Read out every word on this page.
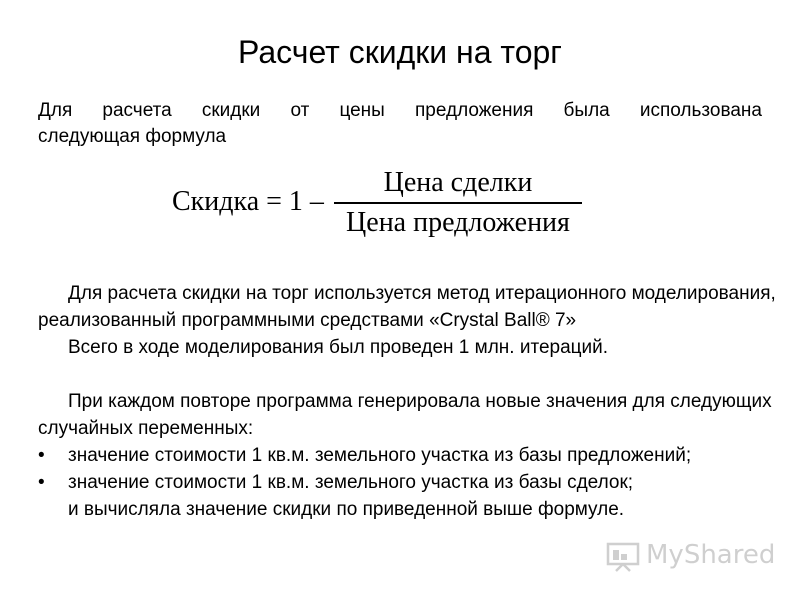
Расчет скидки на торг
Для расчета скидки от цены предложения была использована
следующая формула
Скидка = 1 –
Цена сделки
Цена предложения

Для расчета скидки на торг используется метод итерационного моделирования, реализованный программными средствами «Crystal Ball® 7»

Всего в ходе моделирования был проведен 1 млн. итераций.

При каждом повторе программа генерировала новые значения для следующих случайных переменных:

• значение стоимости 1 кв.м. земельного участка из базы предложений;

• значение стоимости 1 кв.м. земельного участка из базы сделок;

и вычисляла значение скидки по приведенной выше формуле.

MyShared
